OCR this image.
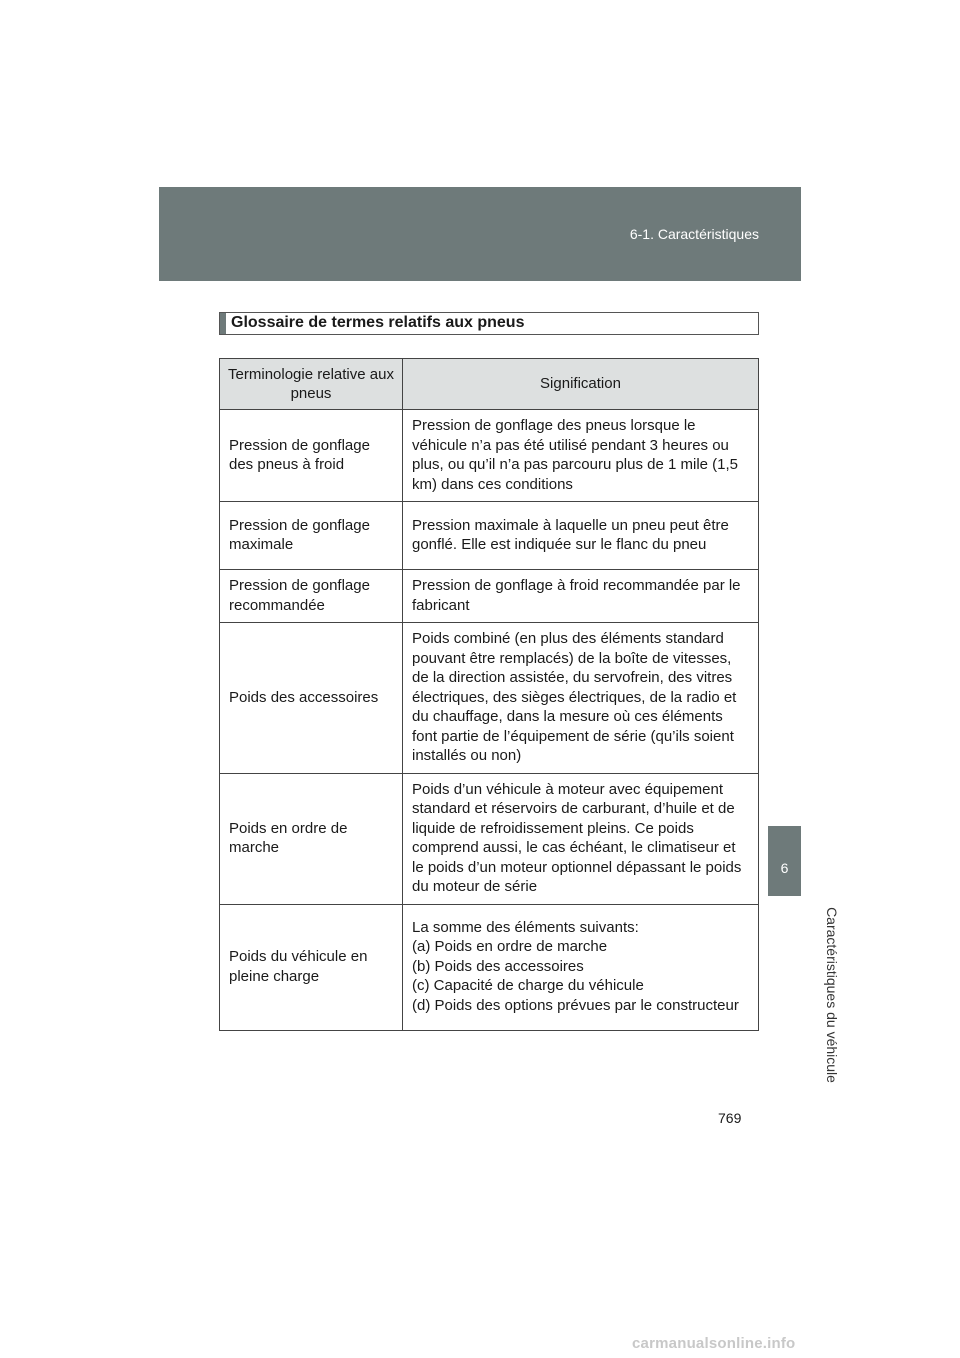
6-1. Caractéristiques
6
Caractéristiques du véhicule
Glossaire de termes relatifs aux pneus
Terminologie relative aux pneus	Signification
Pression de gonflage des pneus à froid	Pression de gonflage des pneus lorsque le véhicule n’a pas été utilisé pendant 3 heures ou plus, ou qu’il n’a pas parcouru plus de 1 mile (1,5 km) dans ces conditions
Pression de gonflage maximale	Pression maximale à laquelle un pneu peut être gonflé. Elle est indiquée sur le flanc du pneu
Pression de gonflage recommandée	Pression de gonflage à froid recommandée par le fabricant
Poids des accessoires	Poids combiné (en plus des éléments standard pouvant être remplacés) de la boîte de vitesses, de la direction assistée, du servofrein, des vitres électriques, des sièges électriques, de la radio et du chauffage, dans la mesure où ces éléments font partie de l’équipement de série (qu’ils soient installés ou non)
Poids en ordre de marche	Poids d’un véhicule à moteur avec équipement standard et réservoirs de carburant, d’huile et de liquide de refroidissement pleins. Ce poids comprend aussi, le cas échéant, le climatiseur et le poids d’un moteur optionnel dépassant le poids du moteur de série
Poids du véhicule en pleine charge	La somme des éléments suivants:
(a) Poids en ordre de marche
(b) Poids des accessoires
(c) Capacité de charge du véhicule
(d) Poids des options prévues par le constructeur
769
carmanualsonline.info
